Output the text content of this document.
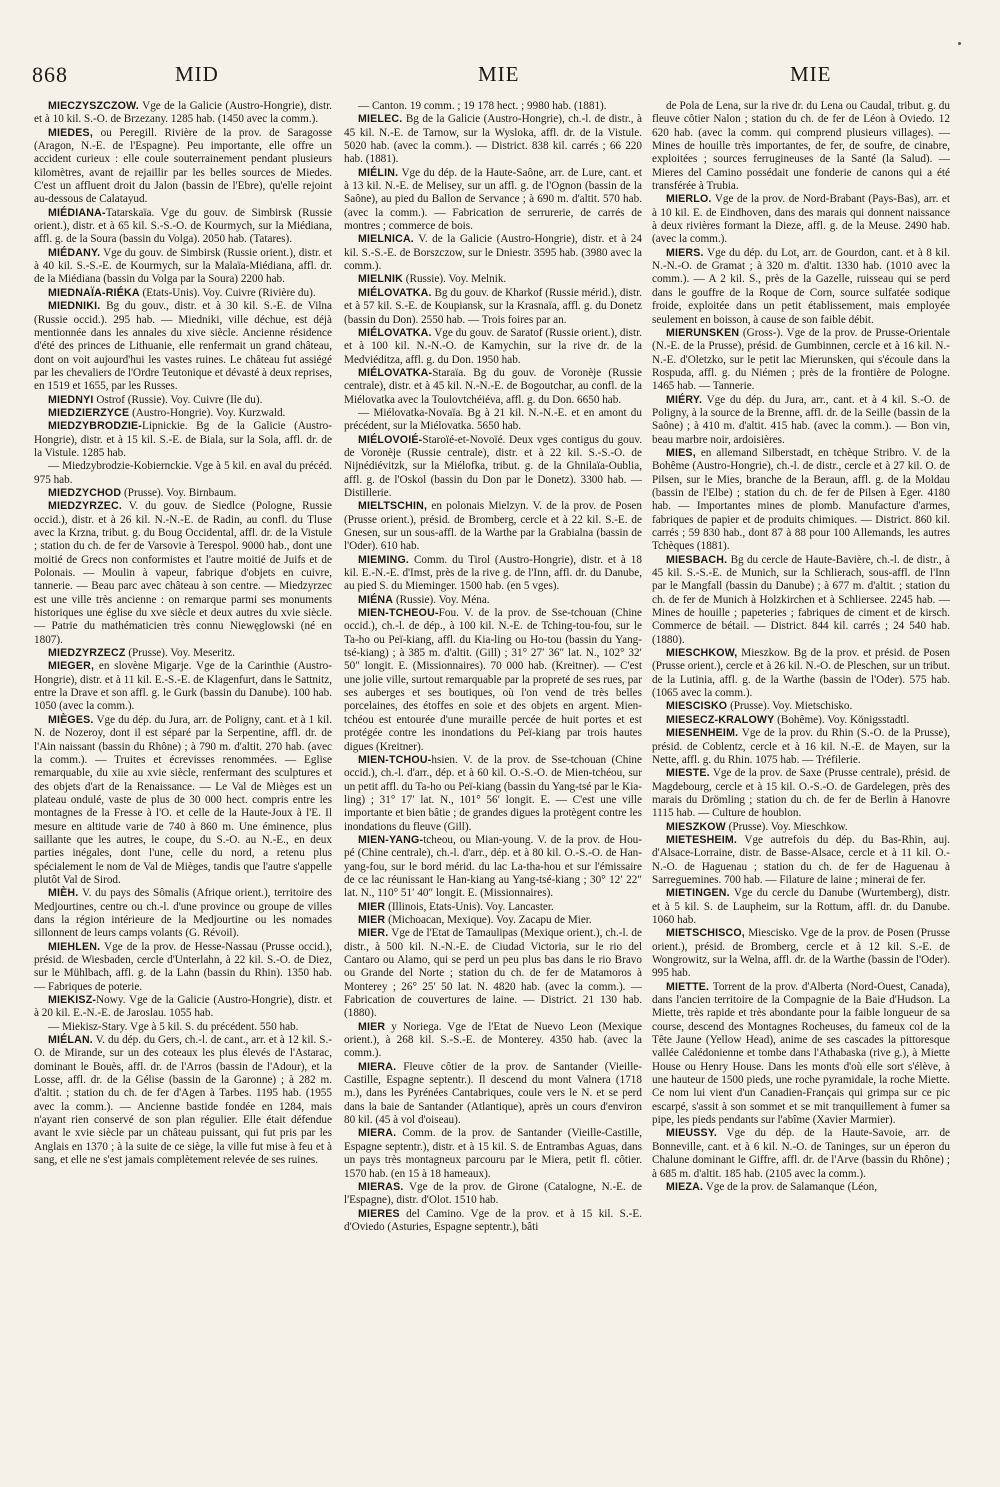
868	MID	MIE	MIE

MIECZYSZCZOW. Vge de la Galicie (Austro-Hongrie), distr. et à 10 kil. S.-O. de Brzezany. 1285 hab. (1450 avec la comm.).

MIEDES, ou Peregill. Rivière de la prov. de Saragosse (Aragon, N.-E. de l'Espagne). Peu importante, elle offre un accident curieux : elle coule souterrainement pendant plusieurs kilomètres, avant de rejaillir par les belles sources de Miedes. C'est un affluent droit du Jalon (bassin de l'Ebre), qu'elle rejoint au-dessous de Calatayud.

MIÉDIANA-Tatarskaïa. Vge du gouv. de Simbirsk (Russie orient.), distr. et à 65 kil. S.-S.-O. de Kourmych, sur la Miédiana, affl. g. de la Soura (bassin du Volga). 2050 hab. (Tatares).

MIÉDANY. Vge du gouv. de Simbirsk (Russie orient.), distr. et à 40 kil. S.-S.-E. de Kourmych, sur la Malaïa-Miédiana, affl. dr. de la Miédiana (bassin du Volga par la Soura) 2200 hab.

MIEDNAÏA-RIÉKA (Etats-Unis). Voy. Cuivre (Rivière du).

MIEDNIKI. Bg du gouv., distr. et à 30 kil. S.-E. de Vilna (Russie occid.). 295 hab. — Miedniki, ville déchue, est déjà mentionnée dans les annales du xive siècle. Ancienne résidence d'été des princes de Lithuanie, elle renfermait un grand château, dont on voit aujourd'hui les vastes ruines. Le château fut assiégé par les chevaliers de l'Ordre Teutonique et dévasté à deux reprises, en 1519 et 1655, par les Russes.

MIEDNYI Ostrof (Russie). Voy. Cuivre (Ile du).

MIEDZIERZYCE (Austro-Hongrie). Voy. Kurzwald.

MIEDZYBRODZIE-Lipnickie. Bg de la Galicie (Austro-Hongrie), distr. et à 15 kil. S.-E. de Biala, sur la Sola, affl. dr. de la Vistule. 1285 hab.

— Miedzybrodzie-Kobiernckie. Vge à 5 kil. en aval du précéd. 975 hab.

MIEDZYCHOD (Prusse). Voy. Birnbaum.

MIEDZYRZEC. V. du gouv. de Siedlce (Pologne, Russie occid.), distr. et à 26 kil. N.-N.-E. de Radin, au confl. du Tluse avec la Krzna, tribut. g. du Boug Occidental, affl. dr. de la Vistule ; station du ch. de fer de Varsovie à Terespol. 9000 hab., dont une moitié de Grecs non conformistes et l'autre moitié de Juifs et de Polonais. — Moulin à vapeur, fabrique d'objets en cuivre, tannerie. — Beau parc avec château à son centre. — Miedzyrzec est une ville très ancienne : on remarque parmi ses monuments historiques une église du xve siècle et deux autres du xvie siècle. — Patrie du mathématicien très connu Niewęglowski (né en 1807).

MIEDZYRZECZ (Prusse). Voy. Meseritz.

MIEGER, en slovène Migarje. Vge de la Carinthie (Austro-Hongrie), distr. et à 11 kil. E.-S.-E. de Klagenfurt, dans le Sattnitz, entre la Drave et son affl. g. le Gurk (bassin du Danube). 100 hab. 1050 (avec la comm.).

MIÈGES. Vge du dép. du Jura, arr. de Poligny, cant. et à 1 kil. N. de Nozeroy, dont il est séparé par la Serpentine, affl. dr. de l'Ain naissant (bassin du Rhône) ; à 790 m. d'altit. 270 hab. (avec la comm.). — Truites et écrevisses renommées. — Eglise remarquable, du xiie au xvie siècle, renfermant des sculptures et des objets d'art de la Renaissance. — Le Val de Mièges est un plateau ondulé, vaste de plus de 30 000 hect. compris entre les montagnes de la Fresse à l'O. et celle de la Haute-Joux à l'E. Il mesure en altitude varie de 740 à 860 m. Une éminence, plus saillante que les autres, le coupe, du S.-O. au N.-E., en deux parties inégales, dont l'une, celle du nord, a retenu plus spécialement le nom de Val de Mièges, tandis que l'autre s'appelle plutôt Val de Sirod.

MIÈH. V. du pays des Sômalis (Afrique orient.), territoire des Medjourtines, centre ou ch.-l. d'une province ou groupe de villes dans la région intérieure de la Medjourtine ou les nomades sillonnent de leurs camps volants (G. Révoil).

MIEHLEN. Vge de la prov. de Hesse-Nassau (Prusse occid.), présid. de Wiesbaden, cercle d'Unterlahn, à 22 kil. S.-O. de Diez, sur le Mühlbach, affl. g. de la Lahn (bassin du Rhin). 1350 hab. — Fabriques de poterie.

MIEKISZ-Nowy. Vge de la Galicie (Austro-Hongrie), distr. et à 20 kil. E.-N.-E. de Jaroslau. 1055 hab.

— Miekisz-Stary. Vge à 5 kil. S. du précédent. 550 hab.

MIÉLAN. V. du dép. du Gers, ch.-l. de cant., arr. et à 12 kil. S.-O. de Mirande, sur un des coteaux les plus élevés de l'Astarac, dominant le Bouès, affl. dr. de l'Arros (bassin de l'Adour), et la Losse, affl. dr. de la Gélise (bassin de la Garonne) ; à 282 m. d'altit. ; station du ch. de fer d'Agen à Tarbes. 1195 hab. (1955 avec la comm.). — Ancienne bastide fondée en 1284, mais n'ayant rien conservé de son plan régulier. Elle était défendue avant le xvie siècle par un château puissant, qui fut pris par les Anglais en 1370 ; à la suite de ce siège, la ville fut mise à feu et à sang, et elle ne s'est jamais complètement relevée de ses ruines.

— Canton. 19 comm. ; 19 178 hect. ; 9980 hab. (1881).

MIELEC. Bg de la Galicie (Austro-Hongrie), ch.-l. de distr., à 45 kil. N.-E. de Tarnow, sur la Wysloka, affl. dr. de la Vistule. 5020 hab. (avec la comm.). — District. 838 kil. carrés ; 66 220 hab. (1881).

MIÉLIN. Vge du dép. de la Haute-Saône, arr. de Lure, cant. et à 13 kil. N.-E. de Melisey, sur un affl. g. de l'Ognon (bassin de la Saône), au pied du Ballon de Servance ; à 690 m. d'altit. 570 hab. (avec la comm.). — Fabrication de serrurerie, de carrés de montres ; commerce de bois.

MIELNICA. V. de la Galicie (Austro-Hongrie), distr. et à 24 kil. S.-S.-E. de Borszczow, sur le Dniestr. 3595 hab. (3980 avec la comm.).

MIELNIK (Russie). Voy. Melnik.

MIÉLOVATKA. Bg du gouv. de Kharkof (Russie mérid.), distr. et à 57 kil. S.-E. de Koupiansk, sur la Krasnaïa, affl. g. du Donetz (bassin du Don). 2550 hab. — Trois foires par an.

MIÉLOVATKA. Vge du gouv. de Saratof (Russie orient.), distr. et à 100 kil. N.-N.-O. de Kamychin, sur la rive dr. de la Medviéditza, affl. g. du Don. 1950 hab.

MIÉLOVATKA-Staraïa. Bg du gouv. de Voronèje (Russie centrale), distr. et à 45 kil. N.-N.-E. de Bogoutchar, au confl. de la Miélovatka avec la Toulovtchéiéva, affl. g. du Don. 6650 hab.

— Miélovatka-Novaïa. Bg à 21 kil. N.-N.-E. et en amont du précédent, sur la Miélovatka. 5650 hab.

MIÉLOVOIÉ-Staroïé-et-Novoïé. Deux vges contigus du gouv. de Voronèje (Russie centrale), distr. et à 22 kil. S.-S.-O. de Nijnédiévitzk, sur la Miélofka, tribut. g. de la Ghnilaïa-Oublia, affl. g. de l'Oskol (bassin du Don par le Donetz). 3300 hab. — Distillerie.

MIELTSCHIN, en polonais Mielzyn. V. de la prov. de Posen (Prusse orient.), présid. de Bromberg, cercle et à 22 kil. S.-E. de Gnesen, sur un sous-affl. de la Warthe par la Grabialna (bassin de l'Oder). 610 hab.

MIEMING. Comm. du Tirol (Austro-Hongrie), distr. et à 18 kil. E.-N.-E. d'Imst, près de la rive g. de l'Inn, affl. dr. du Danube, au pied S. du Mieminger. 1500 hab. (en 5 vges).

MIÉNA (Russie). Voy. Ména.

MIEN-TCHEOU-Fou. V. de la prov. de Sse-tchouan (Chine occid.), ch.-l. de dép., à 100 kil. N.-E. de Tching-tou-fou, sur le Ta-ho ou Peï-kiang, affl. du Kia-ling ou Ho-tou (bassin du Yang-tsé-kiang) ; à 385 m. d'altit. (Gill) ; 31° 27′ 36″ lat. N., 102° 32′ 50″ longit. E. (Missionnaires). 70 000 hab. (Kreitner). — C'est une jolie ville, surtout remarquable par la propreté de ses rues, par ses auberges et ses boutiques, où l'on vend de très belles porcelaines, des étoffes en soie et des objets en argent. Mien-tchéou est entourée d'une muraille percée de huit portes et est protégée contre les inondations du Peï-kiang par trois hautes digues (Kreitner).

MIEN-TCHOU-hsien. V. de la prov. de Sse-tchouan (Chine occid.), ch.-l. d'arr., dép. et à 60 kil. O.-S.-O. de Mien-tchéou, sur un petit affl. du Ta-ho ou Peï-kiang (bassin du Yang-tsé par le Kia-ling) ; 31° 17′ lat. N., 101° 56′ longit. E. — C'est une ville importante et bien bâtie ; de grandes digues la protègent contre les inondations du fleuve (Gill).

MIEN-YANG-tcheou, ou Mian-young. V. de la prov. de Hou-pé (Chine centrale), ch.-l. d'arr., dép. et à 80 kil. O.-S.-O. de Han-yang-fou, sur le bord mérid. du lac La-tha-hou et sur l'émissaire de ce lac réunissant le Han-kiang au Yang-tsé-kiang ; 30° 12′ 22″ lat. N., 110° 51′ 40″ longit. E. (Missionnaires).

MIER (Illinois, Etats-Unis). Voy. Lancaster.

MIER (Michoacan, Mexique). Voy. Zacapu de Mier.

MIER. Vge de l'Etat de Tamaulipas (Mexique orient.), ch.-l. de distr., à 500 kil. N.-N.-E. de Ciudad Victoria, sur le rio del Cantaro ou Alamo, qui se perd un peu plus bas dans le rio Bravo ou Grande del Norte ; station du ch. de fer de Matamoros à Monterey ; 26° 25′ 50 lat. N. 4820 hab. (avec la comm.). — Fabrication de couvertures de laine. — District. 21 130 hab. (1880).

MIER y Noriega. Vge de l'Etat de Nuevo Leon (Mexique orient.), à 268 kil. S.-S.-E. de Monterey. 4350 hab. (avec la comm.).

MIERA. Fleuve côtier de la prov. de Santander (Vieille-Castille, Espagne septentr.). Il descend du mont Valnera (1718 m.), dans les Pyrénées Cantabriques, coule vers le N. et se perd dans la baie de Santander (Atlantique), après un cours d'environ 80 kil. (45 à vol d'oiseau).

MIERA. Comm. de la prov. de Santander (Vieille-Castille, Espagne septentr.), distr. et à 15 kil. S. de Entrambas Aguas, dans un pays très montagneux parcouru par le Miera, petit fl. côtier. 1570 hab. (en 15 à 18 hameaux).

MIERAS. Vge de la prov. de Girone (Catalogne, N.-E. de l'Espagne), distr. d'Olot. 1510 hab.

MIERES del Camino. Vge de la prov. et à 15 kil. S.-E. d'Oviedo (Asturies, Espagne septentr.), bâti

de Pola de Lena, sur la rive dr. du Lena ou Caudal, tribut. g. du fleuve côtier Nalon ; station du ch. de fer de Léon à Oviedo. 12 620 hab. (avec la comm. qui comprend plusieurs villages). — Mines de houille très importantes, de fer, de soufre, de cinabre, exploitées ; sources ferrugineuses de la Santé (la Salud). — Mieres del Camino possédait une fonderie de canons qui a été transférée à Trubia.

MIERLO. Vge de la prov. de Nord-Brabant (Pays-Bas), arr. et à 10 kil. E. de Eindhoven, dans des marais qui donnent naissance à deux rivières formant la Dieze, affl. g. de la Meuse. 2490 hab. (avec la comm.).

MIERS. Vge du dép. du Lot, arr. de Gourdon, cant. et à 8 kil. N.-N.-O. de Gramat ; à 320 m. d'altit. 1330 hab. (1010 avec la comm.). — A 2 kil. S., près de la Gazelle, ruisseau qui se perd dans le gouffre de la Roque de Corn, source sulfatée sodique froide, exploitée dans un petit établissement, mais employée seulement en boisson, à cause de son faible débit.

MIERUNSKEN (Gross-). Vge de la prov. de Prusse-Orientale (N.-E. de la Prusse), présid. de Gumbinnen, cercle et à 16 kil. N.-N.-E. d'Oletzko, sur le petit lac Mierunsken, qui s'écoule dans la Rospuda, affl. g. du Niémen ; près de la frontière de Pologne. 1465 hab. — Tannerie.

MIÉRY. Vge du dép. du Jura, arr., cant. et à 4 kil. S.-O. de Poligny, à la source de la Brenne, affl. dr. de la Seille (bassin de la Saône) ; à 410 m. d'altit. 415 hab. (avec la comm.). — Bon vin, beau marbre noir, ardoisières.

MIES, en allemand Silberstadt, en tchèque Stribro. V. de la Bohême (Austro-Hongrie), ch.-l. de distr., cercle et à 27 kil. O. de Pilsen, sur le Mies, branche de la Beraun, affl. g. de la Moldau (bassin de l'Elbe) ; station du ch. de fer de Pilsen à Eger. 4180 hab. — Importantes mines de plomb. Manufacture d'armes, fabriques de papier et de produits chimiques. — District. 860 kil. carrés ; 59 830 hab., dont 87 à 88 pour 100 Allemands, les autres Tchèques (1881).

MIESBACH. Bg du cercle de Haute-Bavière, ch.-l. de distr., à 45 kil. S.-S.-E. de Munich, sur la Schlierach, sous-affl. de l'Inn par le Mangfall (bassin du Danube) ; à 677 m. d'altit. ; station du ch. de fer de Munich à Holzkirchen et à Schliersee. 2245 hab. — Mines de houille ; papeteries ; fabriques de ciment et de kirsch. Commerce de bétail. — District. 844 kil. carrés ; 24 540 hab. (1880).

MIESCHKOW, Mieszkow. Bg de la prov. et présid. de Posen (Prusse orient.), cercle et à 26 kil. N.-O. de Pleschen, sur un tribut. de la Lutinia, affl. g. de la Warthe (bassin de l'Oder). 575 hab. (1065 avec la comm.).

MIESCISKO (Prusse). Voy. Mietschisko.

MIESECZ-KRALOWY (Bohême). Voy. Königsstadtl.

MIESENHEIM. Vge de la prov. du Rhin (S.-O. de la Prusse), présid. de Coblentz, cercle et à 16 kil. N.-E. de Mayen, sur la Nette, affl. g. du Rhin. 1075 hab. — Tréfilerie.

MIESTE. Vge de la prov. de Saxe (Prusse centrale), présid. de Magdebourg, cercle et à 15 kil. O.-S.-O. de Gardelegen, près des marais du Drömling ; station du ch. de fer de Berlin à Hanovre 1115 hab. — Culture de houblon.

MIESZKOW (Prusse). Voy. Mieschkow.

MIETESHEIM. Vge autrefois du dép. du Bas-Rhin, auj. d'Alsace-Lorraine, distr. de Basse-Alsace, cercle et à 11 kil. O.-N.-O. de Haguenau ; station du ch. de fer de Haguenau à Sarreguemines. 700 hab. — Filature de laine ; minerai de fer.

MIETINGEN. Vge du cercle du Danube (Wurtemberg), distr. et à 5 kil. S. de Laupheim, sur la Rottum, affl. dr. du Danube. 1060 hab.

MIETSCHISCO, Miescisko. Vge de la prov. de Posen (Prusse orient.), présid. de Bromberg, cercle et à 12 kil. S.-E. de Wongrowitz, sur la Welna, affl. dr. de la Warthe (bassin de l'Oder). 995 hab.

MIETTE. Torrent de la prov. d'Alberta (Nord-Ouest, Canada), dans l'ancien territoire de la Compagnie de la Baie d'Hudson. La Miette, très rapide et très abondante pour la faible longueur de sa course, descend des Montagnes Rocheuses, du fameux col de la Tête Jaune (Yellow Head), anime de ses cascades la pittoresque vallée Calédonienne et tombe dans l'Athabaska (rive g.), à Miette House ou Henry House. Dans les monts d'où elle sort s'élève, à une hauteur de 1500 pieds, une roche pyramidale, la roche Miette. Ce nom lui vient d'un Canadien-Français qui grimpa sur ce pic escarpé, s'assit à son sommet et se mit tranquillement à fumer sa pipe, les pieds pendants sur l'abîme (Xavier Marmier).

MIEUSSY. Vge du dép. de la Haute-Savoie, arr. de Bonneville, cant. et à 6 kil. N.-O. de Taninges, sur un éperon du Chalune dominant le Giffre, affl. dr. de l'Arve (bassin du Rhône) ; à 685 m. d'altit. 185 hab. (2105 avec la comm.).

MIEZA. Vge de la prov. de Salamanque (Léon,
